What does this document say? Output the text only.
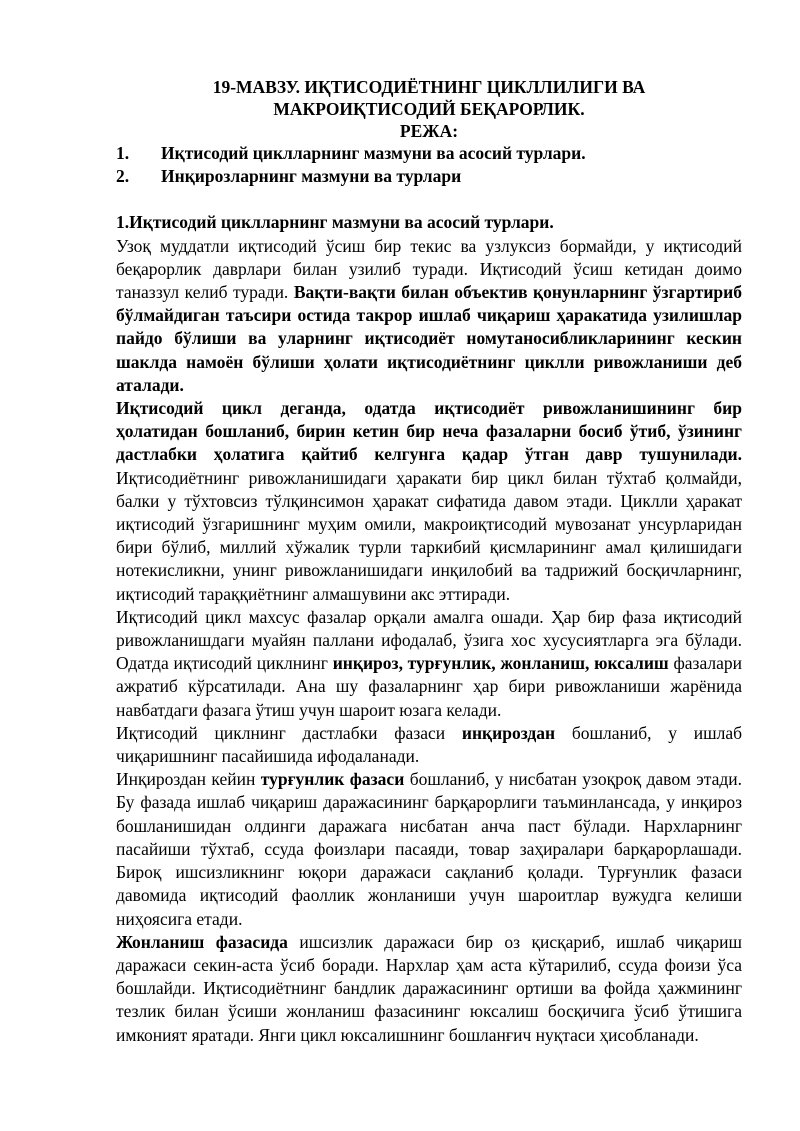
19-МАВЗУ. ИҚТИСОДИЁТНИНГ ЦИКЛЛИЛИГИ ВА
МАКРОИҚТИСОДИЙ БЕҚАРОРЛИК.
РЕЖА:
1.	Иқтисодий циклларнинг мазмуни ва асосий турлари.
2.	Инқирозларнинг мазмуни ва турлари

1.Иқтисодий циклларнинг мазмуни ва асосий турлари.

Узоқ муддатли иқтисодий ўсиш бир текис ва узлуксиз бормайди, у иқтисодий беқарорлик даврлари билан узилиб туради. Иқтисодий ўсиш кетидан доимо таназзул келиб туради. Вақти-вақти билан объектив қонунларнинг ўзгартириб бўлмайдиган таъсири остида такрор ишлаб чиқариш ҳаракатида узилишлар пайдо бўлиши ва уларнинг иқтисодиёт номутаносибликларининг кескин шаклда намоён бўлиши ҳолати иқтисодиётнинг циклли ривожланиши деб аталади.

Иқтисодий цикл деганда, одатда иқтисодиёт ривожланишининг бир ҳолатидан бошланиб, бирин кетин бир неча фазаларни босиб ўтиб, ўзининг дастлабки ҳолатига қайтиб келгунга қадар ўтган давр тушунилади. Иқтисодиётнинг ривожланишидаги ҳаракати бир цикл билан тўхтаб қолмайди, балки у тўхтовсиз тўлқинсимон ҳаракат сифатида давом этади. Циклли ҳаракат иқтисодий ўзгаришнинг муҳим омили, макроиқтисодий мувозанат унсурларидан бири бўлиб, миллий хўжалик турли таркибий қисмларининг амал қилишидаги нотекисликни, унинг ривожланишидаги инқилобий ва тадрижий босқичларнинг, иқтисодий тараққиётнинг алмашувини акс эттиради.

Иқтисодий цикл махсус фазалар орқали амалга ошади. Ҳар бир фаза иқтисодий ривожланишдаги муайян паллани ифодалаб, ўзига хос хусусиятларга эга бўлади. Одатда иқтисодий циклнинг инқироз, турғунлик, жонланиш, юксалиш фазалари ажратиб кўрсатилади. Ана шу фазаларнинг ҳар бири ривожланиши жарёнида навбатдаги фазага ўтиш учун шароит юзага келади.

Иқтисодий циклнинг дастлабки фазаси инқироздан бошланиб, у ишлаб чиқаришнинг пасайишида ифодаланади.

Инқироздан кейин турғунлик фазаси бошланиб, у нисбатан узоқроқ давом этади. Бу фазада ишлаб чиқариш даражасининг барқарорлиги таъминлансада, у инқироз бошланишидан олдинги даражага нисбатан анча паст бўлади. Нархларнинг пасайиши тўхтаб, ссуда фоизлари пасаяди, товар заҳиралари барқарорлашади. Бироқ ишсизликнинг юқори даражаси сақланиб қолади. Турғунлик фазаси давомида иқтисодий фаоллик жонланиши учун шароитлар вужудга келиши ниҳоясига етади.

Жонланиш фазасида ишсизлик даражаси бир оз қисқариб, ишлаб чиқариш даражаси секин-аста ўсиб боради. Нархлар ҳам аста кўтарилиб, ссуда фоизи ўса бошлайди. Иқтисодиётнинг бандлик даражасининг ортиши ва фойда ҳажмининг тезлик билан ўсиши жонланиш фазасининг юксалиш босқичига ўсиб ўтишига имконият яратади. Янги цикл юксалишнинг бошланғич нуқтаси ҳисобланади.
